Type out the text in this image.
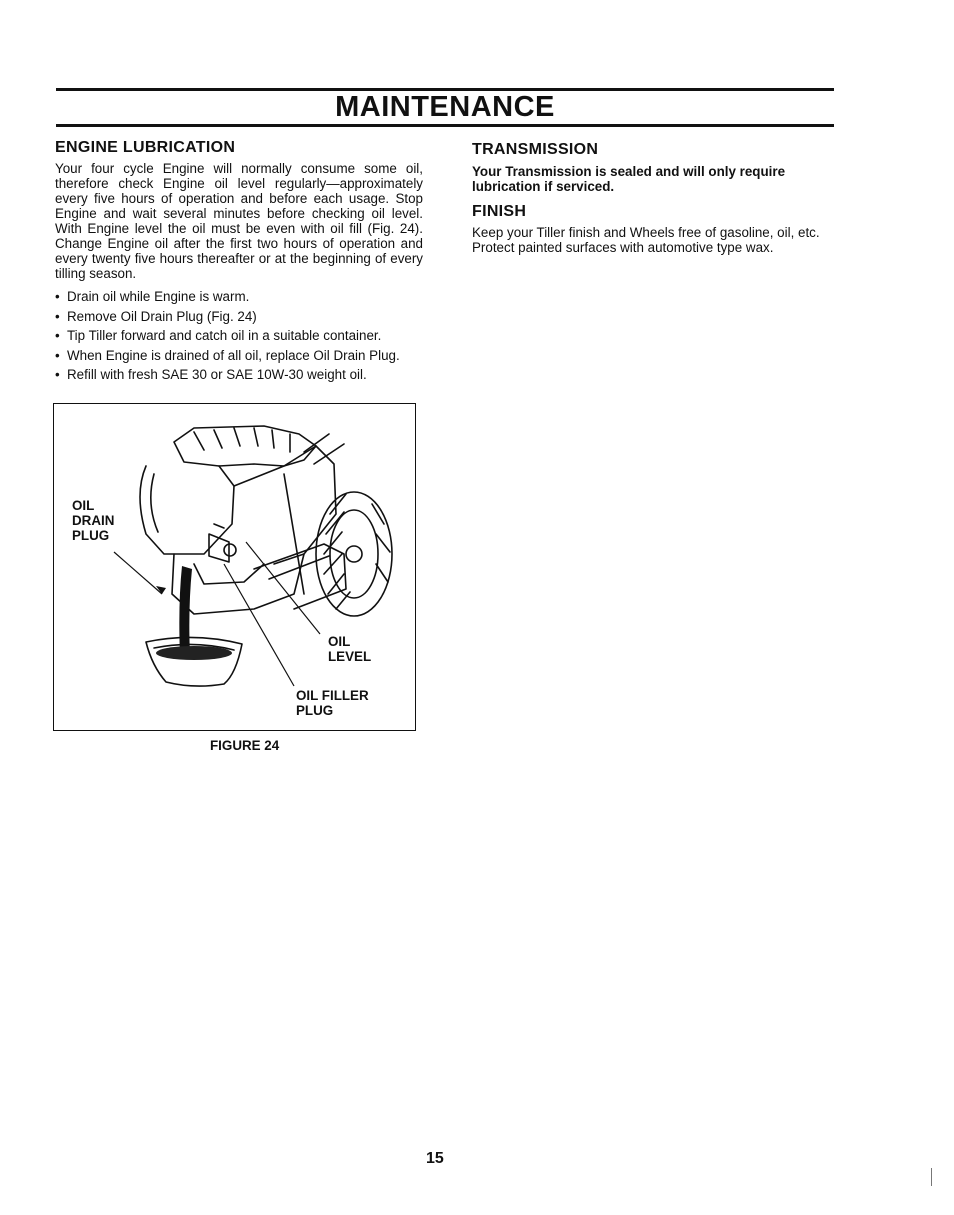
MAINTENANCE
ENGINE LUBRICATION

Your four cycle Engine will normally consume some oil, therefore check Engine oil level regularly—approximately every five hours of operation and before each usage. Stop Engine and wait several minutes before checking oil level. With Engine level the oil must be even with oil fill (Fig. 24). Change Engine oil after the first two hours of operation and every twenty five hours thereafter or at the beginning of every tilling season.

• Drain oil while Engine is warm.
• Remove Oil Drain Plug (Fig. 24)
• Tip Tiller forward and catch oil in a suitable container.
• When Engine is drained of all oil, replace Oil Drain Plug.
• Refill with fresh SAE 30 or SAE 10W-30 weight oil.
TRANSMISSION

Your Transmission is sealed and will only require lubrication if serviced.

FINISH

Keep your Tiller finish and Wheels free of gasoline, oil, etc. Protect painted surfaces with automotive type wax.

OIL
DRAIN
PLUG
OIL
LEVEL
OIL FILLER
PLUG
FIGURE 24
15
